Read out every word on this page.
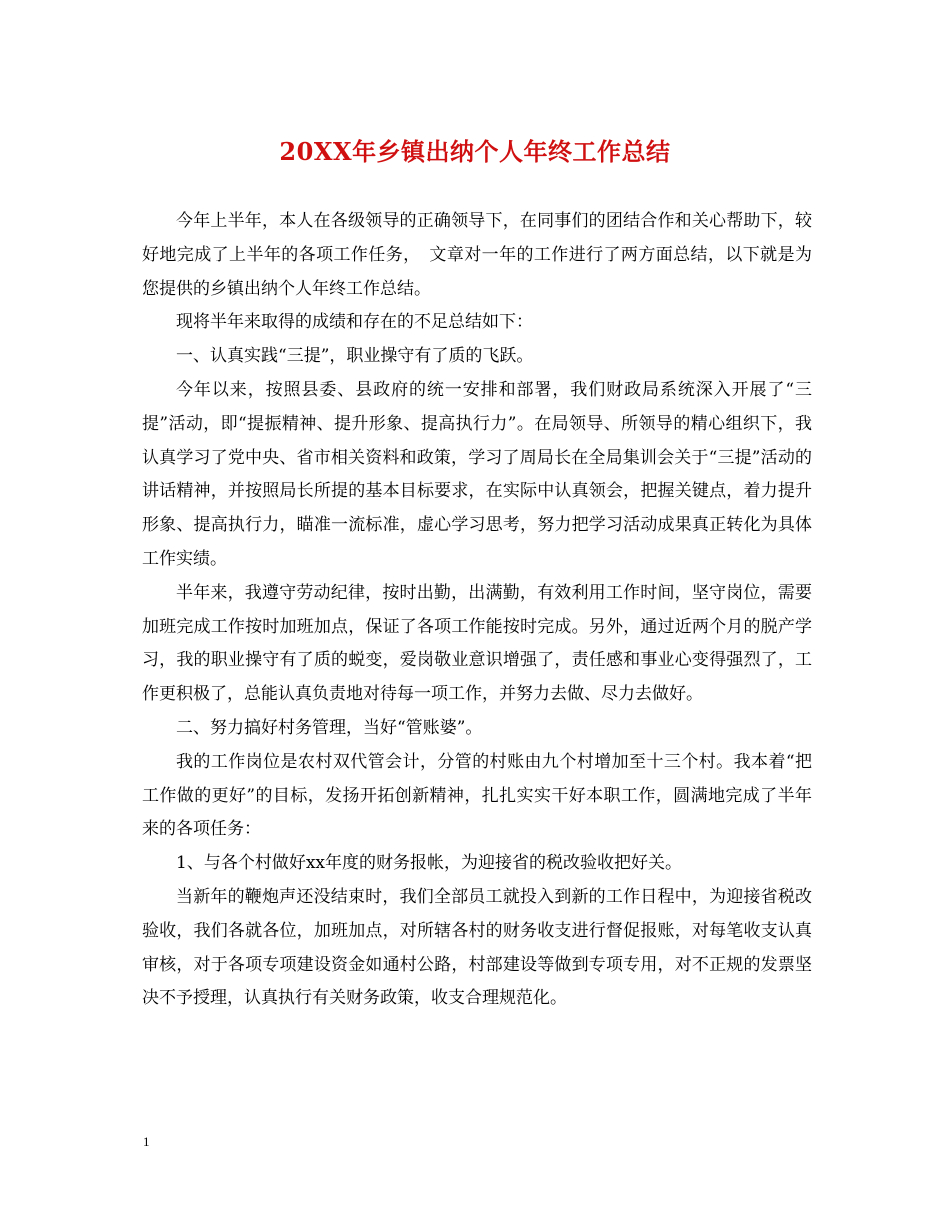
20XX年乡镇出纳个人年终工作总结

今年上半年，本人在各级领导的正确领导下，在同事们的团结合作和关心帮助下，较好地完成了上半年的各项工作任务，　文章对一年的工作进行了两方面总结，以下就是为您提供的乡镇出纳个人年终工作总结。

现将半年来取得的成绩和存在的不足总结如下：

一、认真实践“三提”，职业操守有了质的飞跃。

今年以来，按照县委、县政府的统一安排和部署，我们财政局系统深入开展了“三提”活动，即“提振精神、提升形象、提高执行力”。在局领导、所领导的精心组织下，我认真学习了党中央、省市相关资料和政策，学习了周局长在全局集训会关于“三提”活动的讲话精神，并按照局长所提的基本目标要求，在实际中认真领会，把握关键点，着力提升形象、提高执行力，瞄准一流标准，虚心学习思考，努力把学习活动成果真正转化为具体工作实绩。

半年来，我遵守劳动纪律，按时出勤，出满勤，有效利用工作时间，坚守岗位，需要加班完成工作按时加班加点，保证了各项工作能按时完成。另外，通过近两个月的脱产学习，我的职业操守有了质的蜕变，爱岗敬业意识增强了，责任感和事业心变得强烈了，工作更积极了，总能认真负责地对待每一项工作，并努力去做、尽力去做好。

二、努力搞好村务管理，当好“管账婆”。

我的工作岗位是农村双代管会计，分管的村账由九个村增加至十三个村。我本着“把工作做的更好”的目标，发扬开拓创新精神，扎扎实实干好本职工作，圆满地完成了半年来的各项任务：

1、与各个村做好xx年度的财务报帐，为迎接省的税改验收把好关。

当新年的鞭炮声还没结束时，我们全部员工就投入到新的工作日程中，为迎接省税改验收，我们各就各位，加班加点，对所辖各村的财务收支进行督促报账，对每笔收支认真审核，对于各项专项建设资金如通村公路，村部建设等做到专项专用，对不正规的发票坚决不予授理，认真执行有关财务政策，收支合理规范化。

1
